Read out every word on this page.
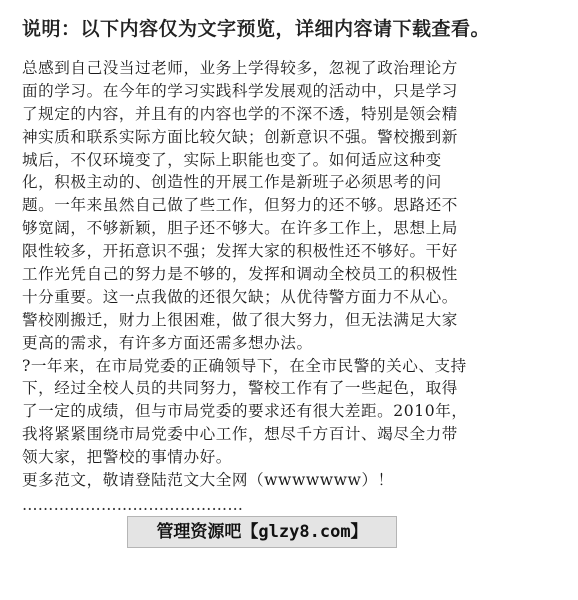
说明：以下内容仅为文字预览，详细内容请下载查看。
总感到自己没当过老师，业务上学得较多，忽视了政治理论方
面的学习。在今年的学习实践科学发展观的活动中，只是学习
了规定的内容，并且有的内容也学的不深不透，特别是领会精
神实质和联系实际方面比较欠缺；创新意识不强。警校搬到新
城后，不仅环境变了，实际上职能也变了。如何适应这种变
化，积极主动的、创造性的开展工作是新班子必须思考的问
题。一年来虽然自己做了些工作，但努力的还不够。思路还不
够宽阔，不够新颖，胆子还不够大。在许多工作上，思想上局
限性较多，开拓意识不强；发挥大家的积极性还不够好。干好
工作光凭自己的努力是不够的，发挥和调动全校员工的积极性
十分重要。这一点我做的还很欠缺；从优待警方面力不从心。
警校刚搬迁，财力上很困难，做了很大努力，但无法满足大家
更高的需求，有许多方面还需多想办法。
?一年来，在市局党委的正确领导下，在全市民警的关心、支持
下，经过全校人员的共同努力，警校工作有了一些起色，取得
了一定的成绩，但与市局党委的要求还有很大差距。2010年，
我将紧紧围绕市局党委中心工作，想尽千方百计、竭尽全力带
领大家，把警校的事情办好。
更多范文，敬请登陆范文大全网（wwwwwww）！
……………………………………
管理资源吧【glzy8.com】
